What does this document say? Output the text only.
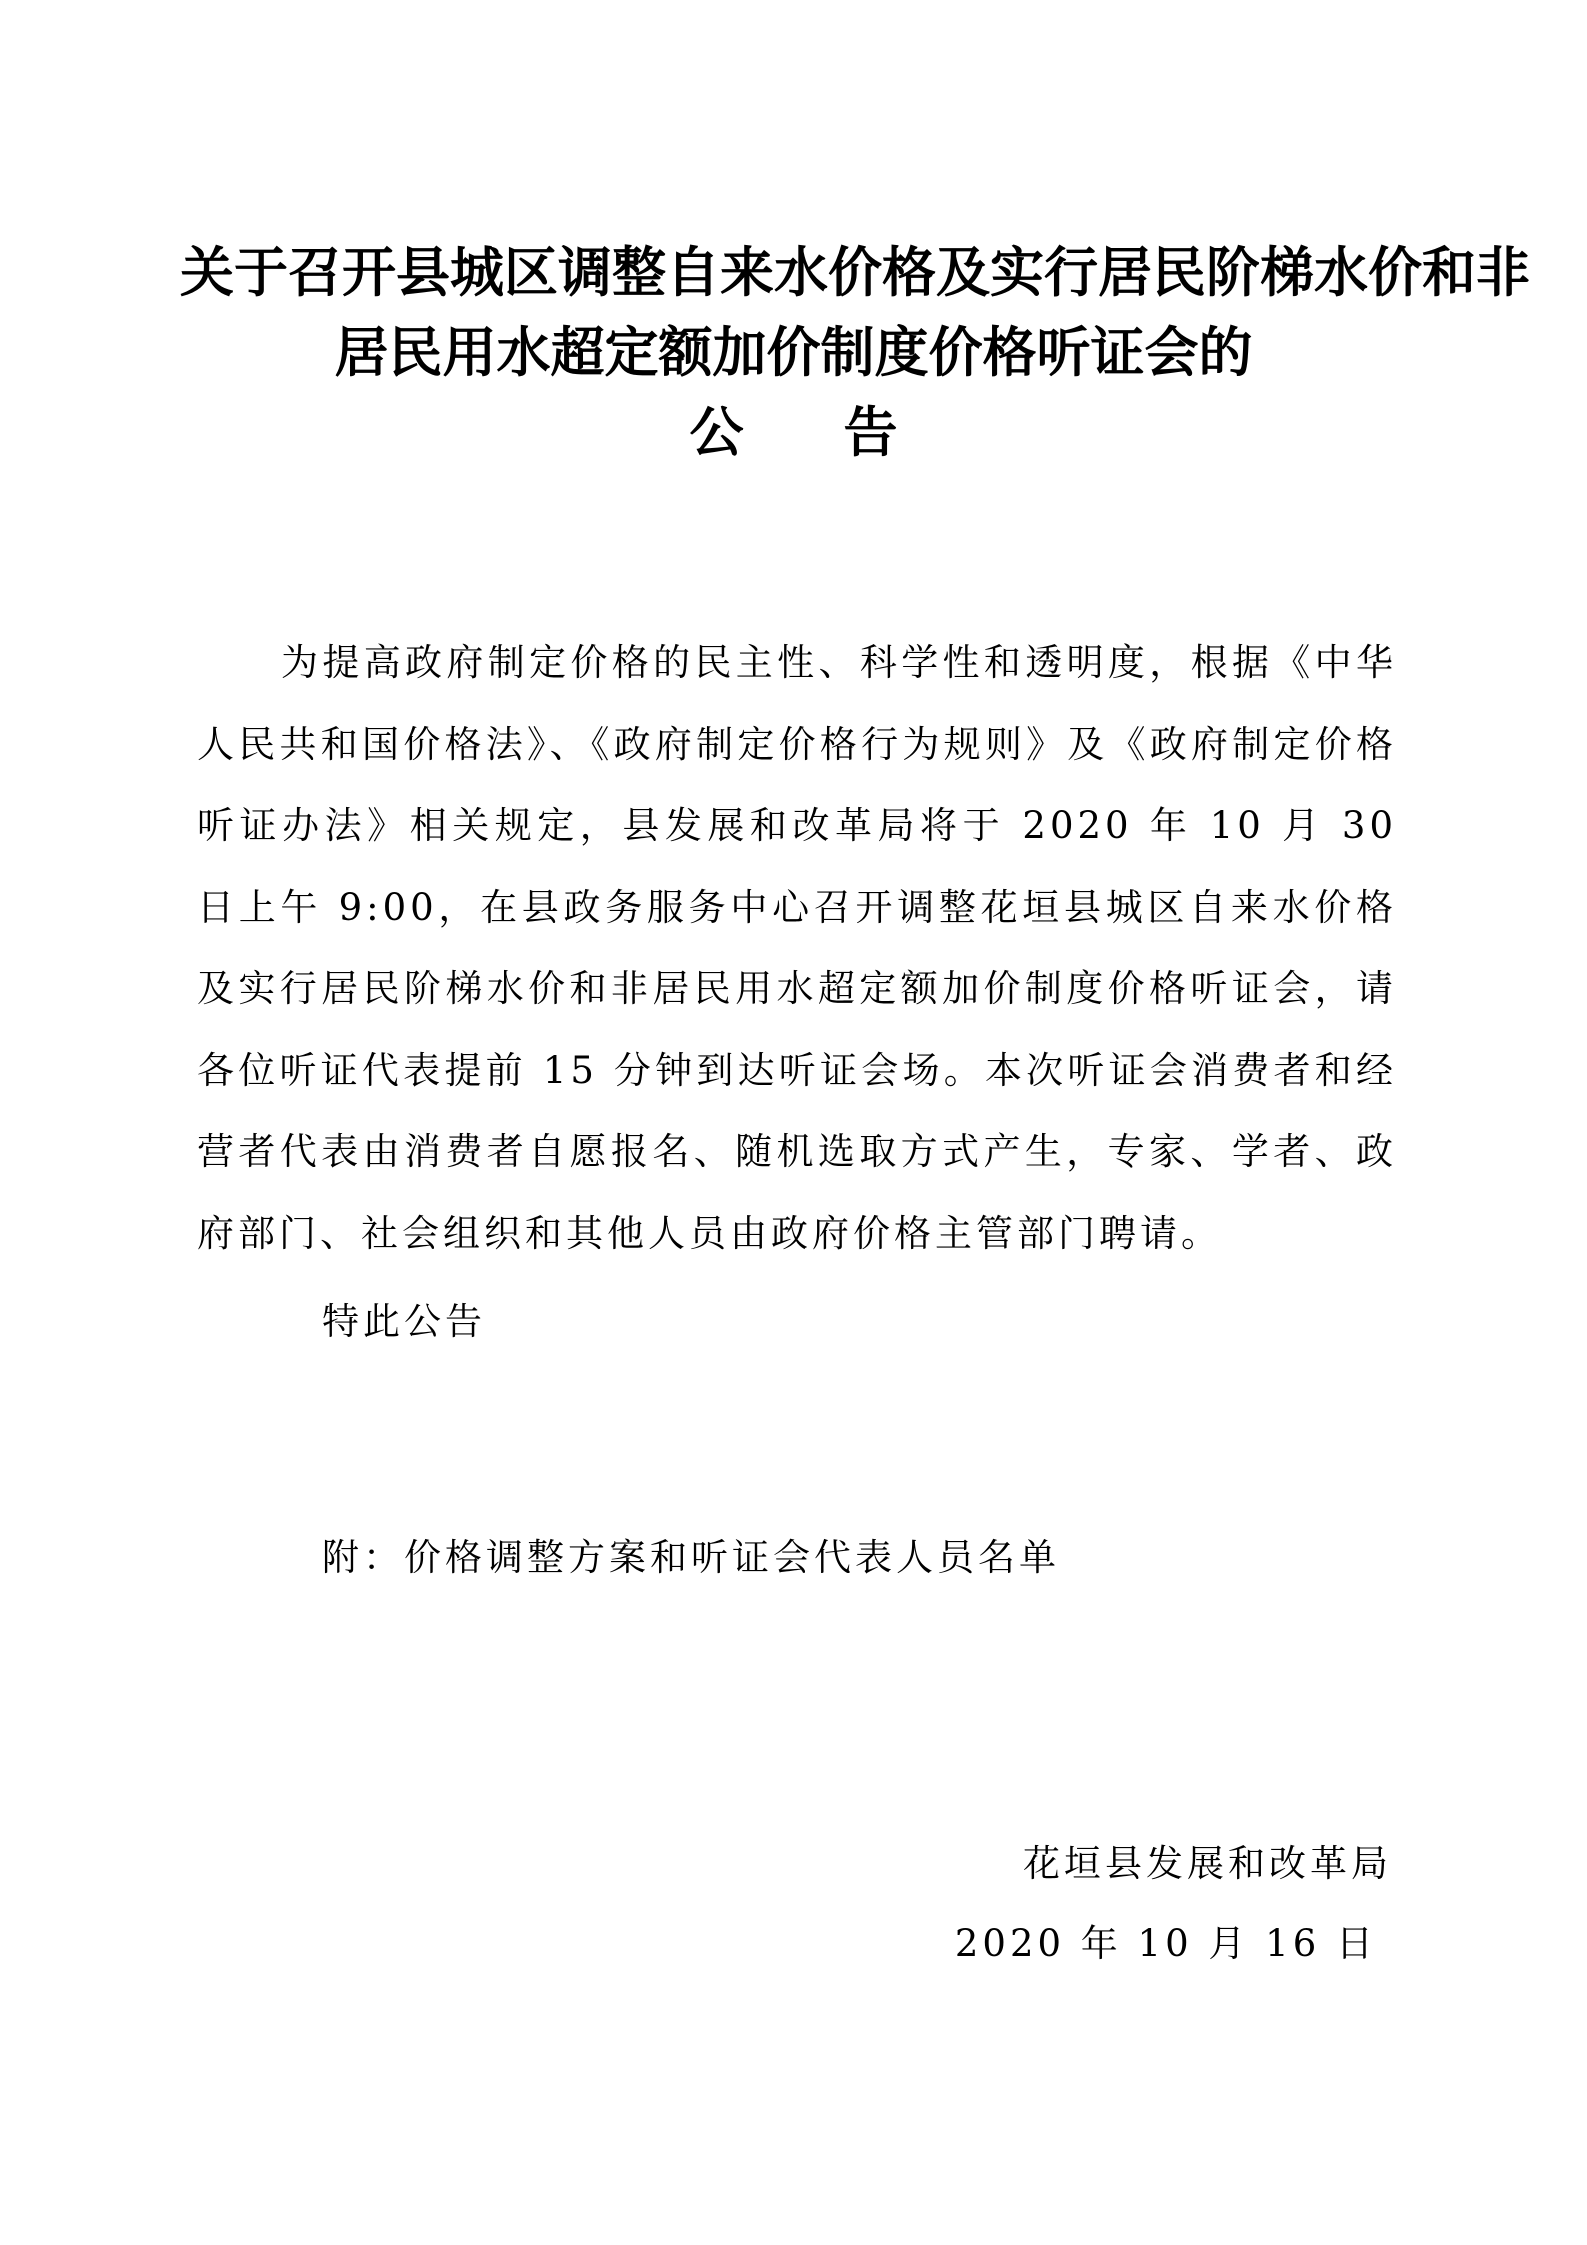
关于召开县城区调整自来水价格及实行居民阶梯水价和非
居民用水超定额加价制度价格听证会的
公告

为提高政府制定价格的民主性、科学性和透明度，根据《中华人民共和国价格法》、《政府制定价格行为规则》及《政府制定价格听证办法》相关规定，县发展和改革局将于 2020 年 10 月 30 日上午 9:00，在县政务服务中心召开调整花垣县城区自来水价格及实行居民阶梯水价和非居民用水超定额加价制度价格听证会，请各位听证代表提前 15 分钟到达听证会场。本次听证会消费者和经营者代表由消费者自愿报名、随机选取方式产生，专家、学者、政府部门、社会组织和其他人员由政府价格主管部门聘请。

特此公告

附：价格调整方案和听证会代表人员名单

花垣县发展和改革局

2020 年 10 月 16 日
